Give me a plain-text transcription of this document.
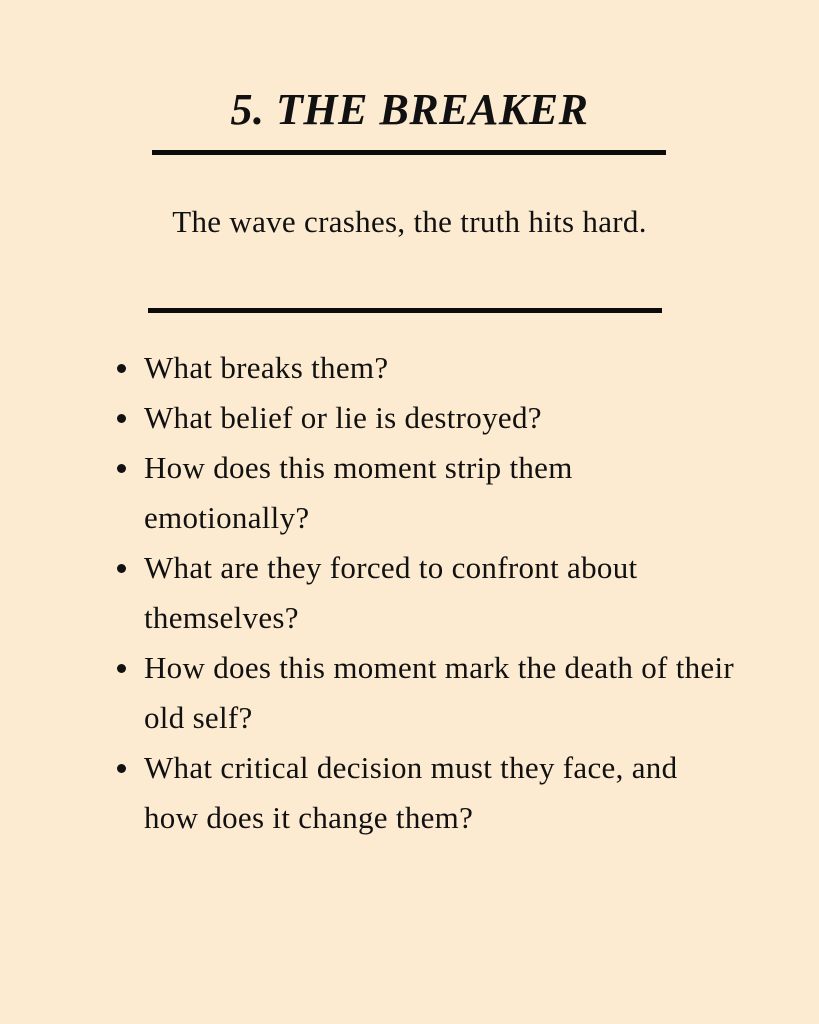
5. THE BREAKER

The wave crashes, the truth hits hard.

What breaks them?
What belief or lie is destroyed?
How does this moment strip them emotionally?
What are they forced to confront about themselves?
How does this moment mark the death of their old self?
What critical decision must they face, and how does it change them?
